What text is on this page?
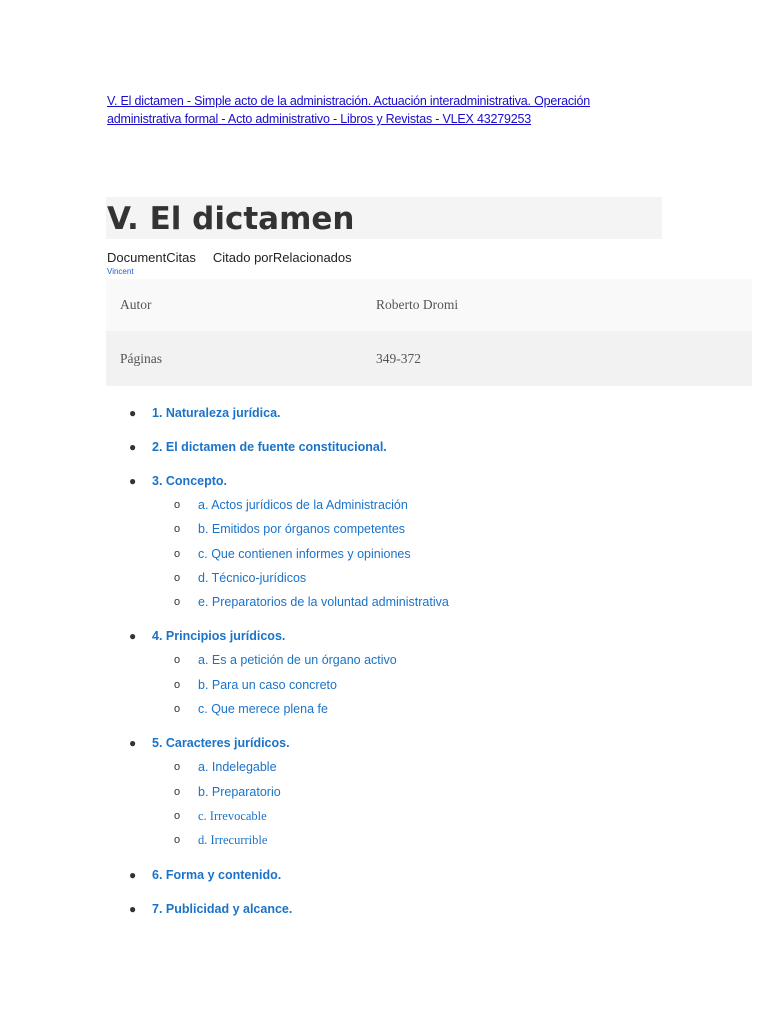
V. El dictamen - Simple acto de la administración. Actuación interadministrativa. Operación administrativa formal - Acto administrativo - Libros y Revistas - VLEX 43279253
V. El dictamen
DocumentCitas Citado porRelacionados
Vincent
Autor	Roberto Dromi
Páginas	349-372
● 1. Naturaleza jurídica.
● 2. El dictamen de fuente constitucional.
● 3. Concepto.
o a. Actos jurídicos de la Administración
o b. Emitidos por órganos competentes
o c. Que contienen informes y opiniones
o d. Técnico-jurídicos
o e. Preparatorios de la voluntad administrativa
● 4. Principios jurídicos.
o a. Es a petición de un órgano activo
o b. Para un caso concreto
o c. Que merece plena fe
● 5. Caracteres jurídicos.
o a. Indelegable
o b. Preparatorio
o c. Irrevocable
o d. Irrecurrible
● 6. Forma y contenido.
● 7. Publicidad y alcance.
